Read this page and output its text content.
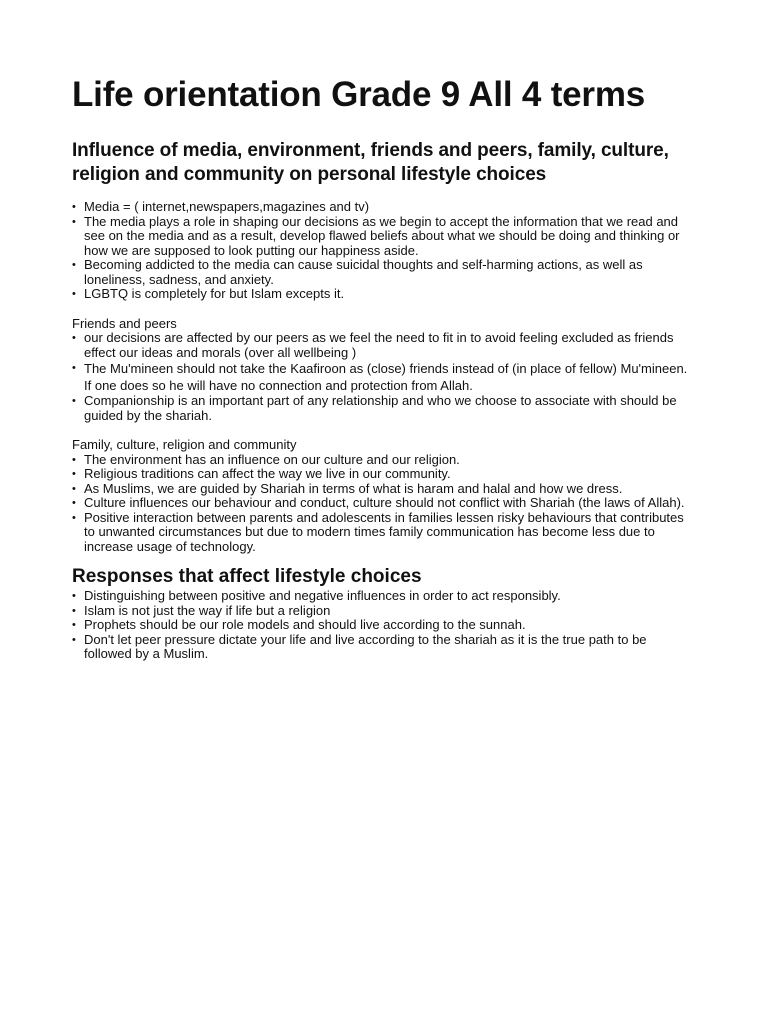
Life orientation Grade 9 All 4 terms
Influence of media, environment, friends and peers, family, culture, religion and community on personal lifestyle choices
• Media = ( internet,newspapers,magazines and tv)
• The media plays a role in shaping our decisions as we begin to accept the information that we read and see on the media and as a result, develop flawed beliefs about what we should be doing and thinking or how we are supposed to look putting our happiness aside.
• Becoming addicted to the media can cause suicidal thoughts and self-harming actions, as well as loneliness, sadness, and anxiety.
• LGBTQ is completely for but Islam excepts it.

Friends and peers

• our decisions are affected by our peers as we feel the need to fit in to avoid feeling excluded as friends effect our ideas and morals (over all wellbeing )
• The Mu'mineen should not take the Kaafiroon as (close) friends instead of (in place of fellow) Mu'mineen. If one does so he will have no connection and protection from Allah.
• Companionship is an important part of any relationship and who we choose to associate with should be guided by the shariah.

Family, culture, religion and community

• The environment has an influence on our culture and our religion.
• Religious traditions can affect the way we live in our community.
• As Muslims, we are guided by Shariah in terms of what is haram and halal and how we dress.
• Culture influences our behaviour and conduct, culture should not conflict with Shariah (the laws of Allah).
• Positive interaction between parents and adolescents in families lessen risky behaviours that contributes to unwanted circumstances but due to modern times family communication has become less due to increase usage of technology.
Responses that affect lifestyle choices
• Distinguishing between positive and negative influences in order to act responsibly.
• Islam is not just the way if life but a religion
• Prophets should be our role models and should live according to the sunnah.
• Don't let peer pressure dictate your life and live according to the shariah as it is the true path to be followed by a Muslim.
